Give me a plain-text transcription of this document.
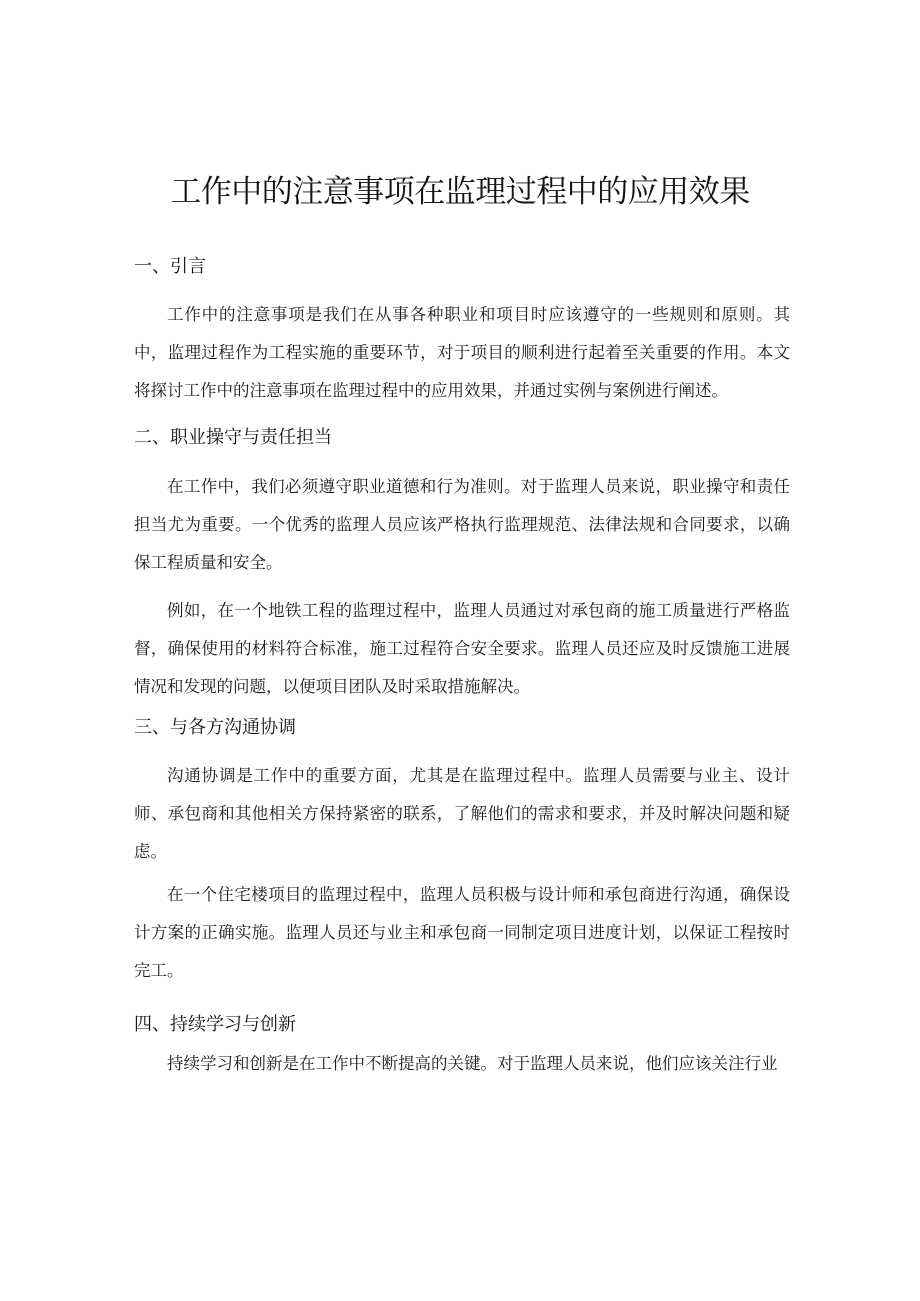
工作中的注意事项在监理过程中的应用效果
一、引言

工作中的注意事项是我们在从事各种职业和项目时应该遵守的一些规则和原则。其中，监理过程作为工程实施的重要环节，对于项目的顺利进行起着至关重要的作用。本文将探讨工作中的注意事项在监理过程中的应用效果，并通过实例与案例进行阐述。

二、职业操守与责任担当

在工作中，我们必须遵守职业道德和行为准则。对于监理人员来说，职业操守和责任担当尤为重要。一个优秀的监理人员应该严格执行监理规范、法律法规和合同要求，以确保工程质量和安全。

例如，在一个地铁工程的监理过程中，监理人员通过对承包商的施工质量进行严格监督，确保使用的材料符合标准，施工过程符合安全要求。监理人员还应及时反馈施工进展情况和发现的问题，以便项目团队及时采取措施解决。

三、与各方沟通协调

沟通协调是工作中的重要方面，尤其是在监理过程中。监理人员需要与业主、设计师、承包商和其他相关方保持紧密的联系，了解他们的需求和要求，并及时解决问题和疑虑。

在一个住宅楼项目的监理过程中，监理人员积极与设计师和承包商进行沟通，确保设计方案的正确实施。监理人员还与业主和承包商一同制定项目进度计划，以保证工程按时完工。

四、持续学习与创新

持续学习和创新是在工作中不断提高的关键。对于监理人员来说，他们应该关注行业
